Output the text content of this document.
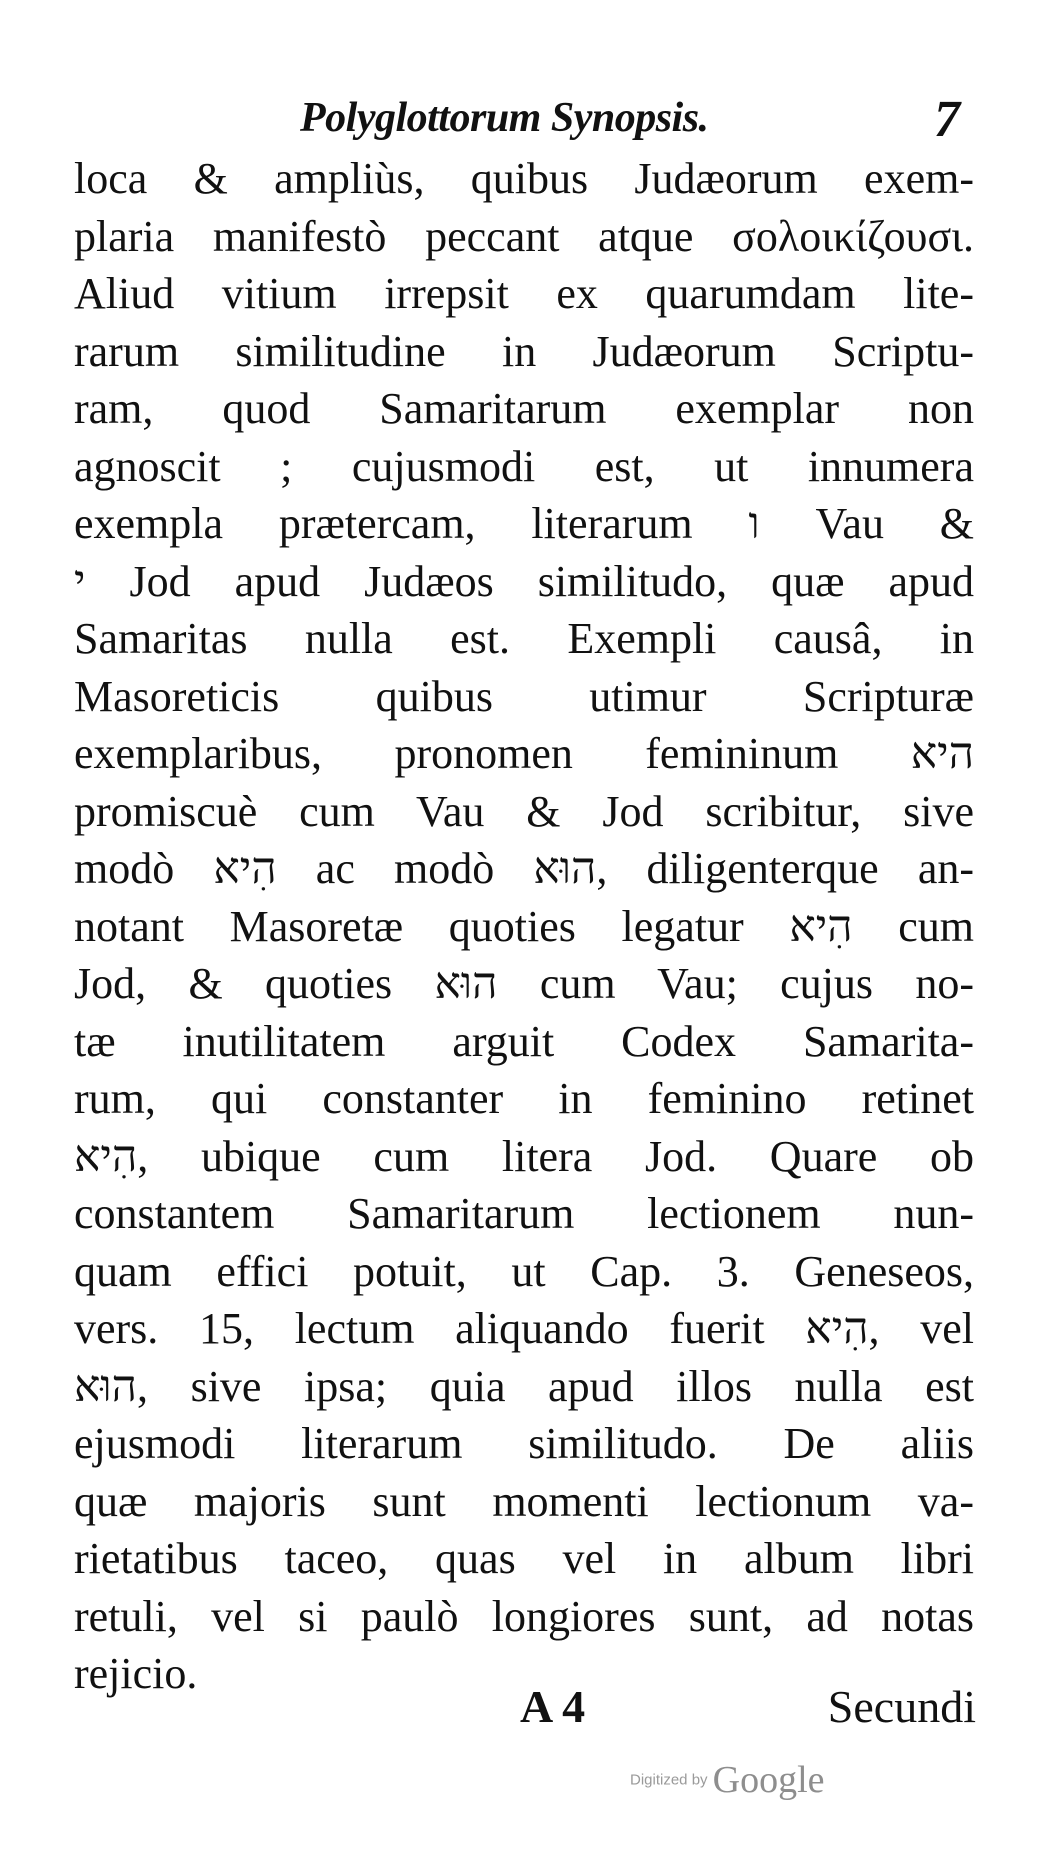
Polyglottorum Synopsis.	7
loca & ampliùs, quibus Judæorum exem-
plaria manifestò peccant atque σολοικίζουσι.
Aliud vitium irrepsit ex quarumdam lite-
rarum similitudine in Judæorum Scriptu-
ram, quod Samaritarum exemplar non
agnoscit ; cujusmodi est, ut innumera
exempla prætercam, literarum ו Vau &
י Jod apud Judæos similitudo, quæ apud
Samaritas nulla est. Exempli causâ, in
Masoreticis quibus utimur Scripturæ
exemplaribus, pronomen femininum היא
promiscuè cum Vau & Jod scribitur, sive
modò הִיא ac modò הוּא, diligenterque an-
notant Masoretæ quoties legatur הִיא cum
Jod, & quoties הוּא cum Vau; cujus no-
tæ inutilitatem arguit Codex Samarita-
rum, qui constanter in feminino retinet
הִיא, ubique cum litera Jod. Quare ob
constantem Samaritarum lectionem nun-
quam effici potuit, ut Cap. 3. Geneseos,
vers. 15, lectum aliquando fuerit הִיא, vel
הוּא, sive ipsa; quia apud illos nulla est
ejusmodi literarum similitudo. De aliis
quæ majoris sunt momenti lectionum va-
rietatibus taceo, quas vel in album libri
retuli, vel si paulò longiores sunt, ad notas
rejicio.
A 4	Secundi
Digitized by Google
